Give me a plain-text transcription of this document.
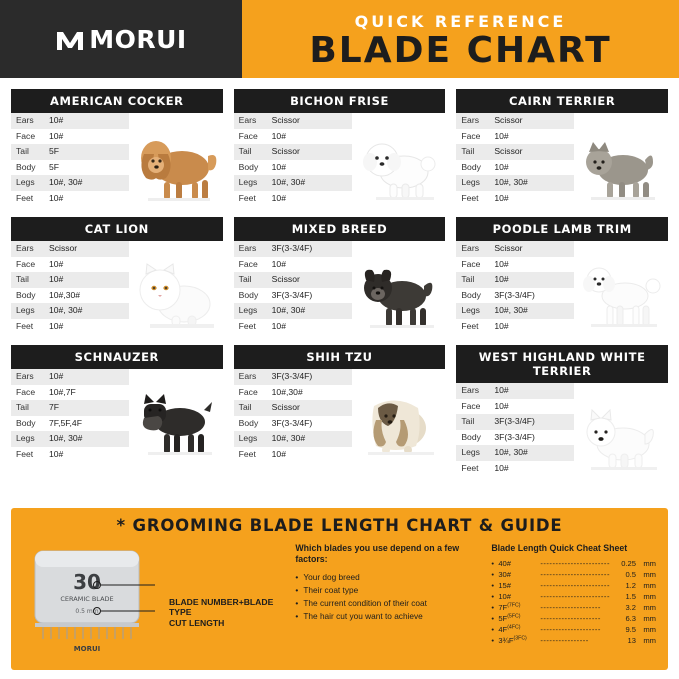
MORUI
QUICK REFERENCE
BLADE CHART
AMERICAN COCKER
Ears	10#
Face	10#
Tail	5F
Body	5F
Legs	10#, 30#
Feet	10#
BICHON FRISE
Ears	Scissor
Face	10#
Tail	Scissor
Body	10#
Legs	10#, 30#
Feet	10#
CAIRN TERRIER
Ears	Scissor
Face	10#
Tail	Scissor
Body	10#
Legs	10#, 30#
Feet	10#
CAT LION
Ears	Scissor
Face	10#
Tail	10#
Body	10#,30#
Legs	10#, 30#
Feet	10#
MIXED BREED
Ears	3F(3-3/4F)
Face	10#
Tail	Scissor
Body	3F(3-3/4F)
Legs	10#, 30#
Feet	10#
POODLE LAMB TRIM
Ears	Scissor
Face	10#
Tail	10#
Body	3F(3-3/4F)
Legs	10#, 30#
Feet	10#
SCHNAUZER
Ears	10#
Face	10#,7F
Tail	7F
Body	7F,5F,4F
Legs	10#, 30#
Feet	10#
SHIH TZU
Ears	3F(3-3/4F)
Face	10#,30#
Tail	Scissor
Body	3F(3-3/4F)
Legs	10#, 30#
Feet	10#
WEST HIGHLAND WHITE TERRIER
Ears	10#
Face	10#
Tail	3F(3-3/4F)
Body	3F(3-3/4F)
Legs	10#, 30#
Feet	10#
* GROOMING BLADE LENGTH CHART & GUIDE
30
CERAMIC BLADE
0.5 mm
MORUI
BLADE NUMBER+BLADE TYPE
CUT LENGTH
Which blades you use depend on a few factors:
• Your dog breed
• Their coat type
• The current condition of their coat
• The hair cut you want to achieve
Blade Length Quick Cheat Sheet
• 40#	-----------------------	0.25 mm
• 30#	-----------------------	0.5 mm
• 15#	-----------------------	1.2 mm
• 10#	-----------------------	1.5 mm
• $7F^{(7FC)}$	--------------------	3.2 mm
• $5F^{(5FC)}$	--------------------	6.3 mm
• $4F^{(4FC)}$	--------------------	9.5 mm
• $3\frac{3}{4}F^{(3FC)}$	----------------	13 mm
